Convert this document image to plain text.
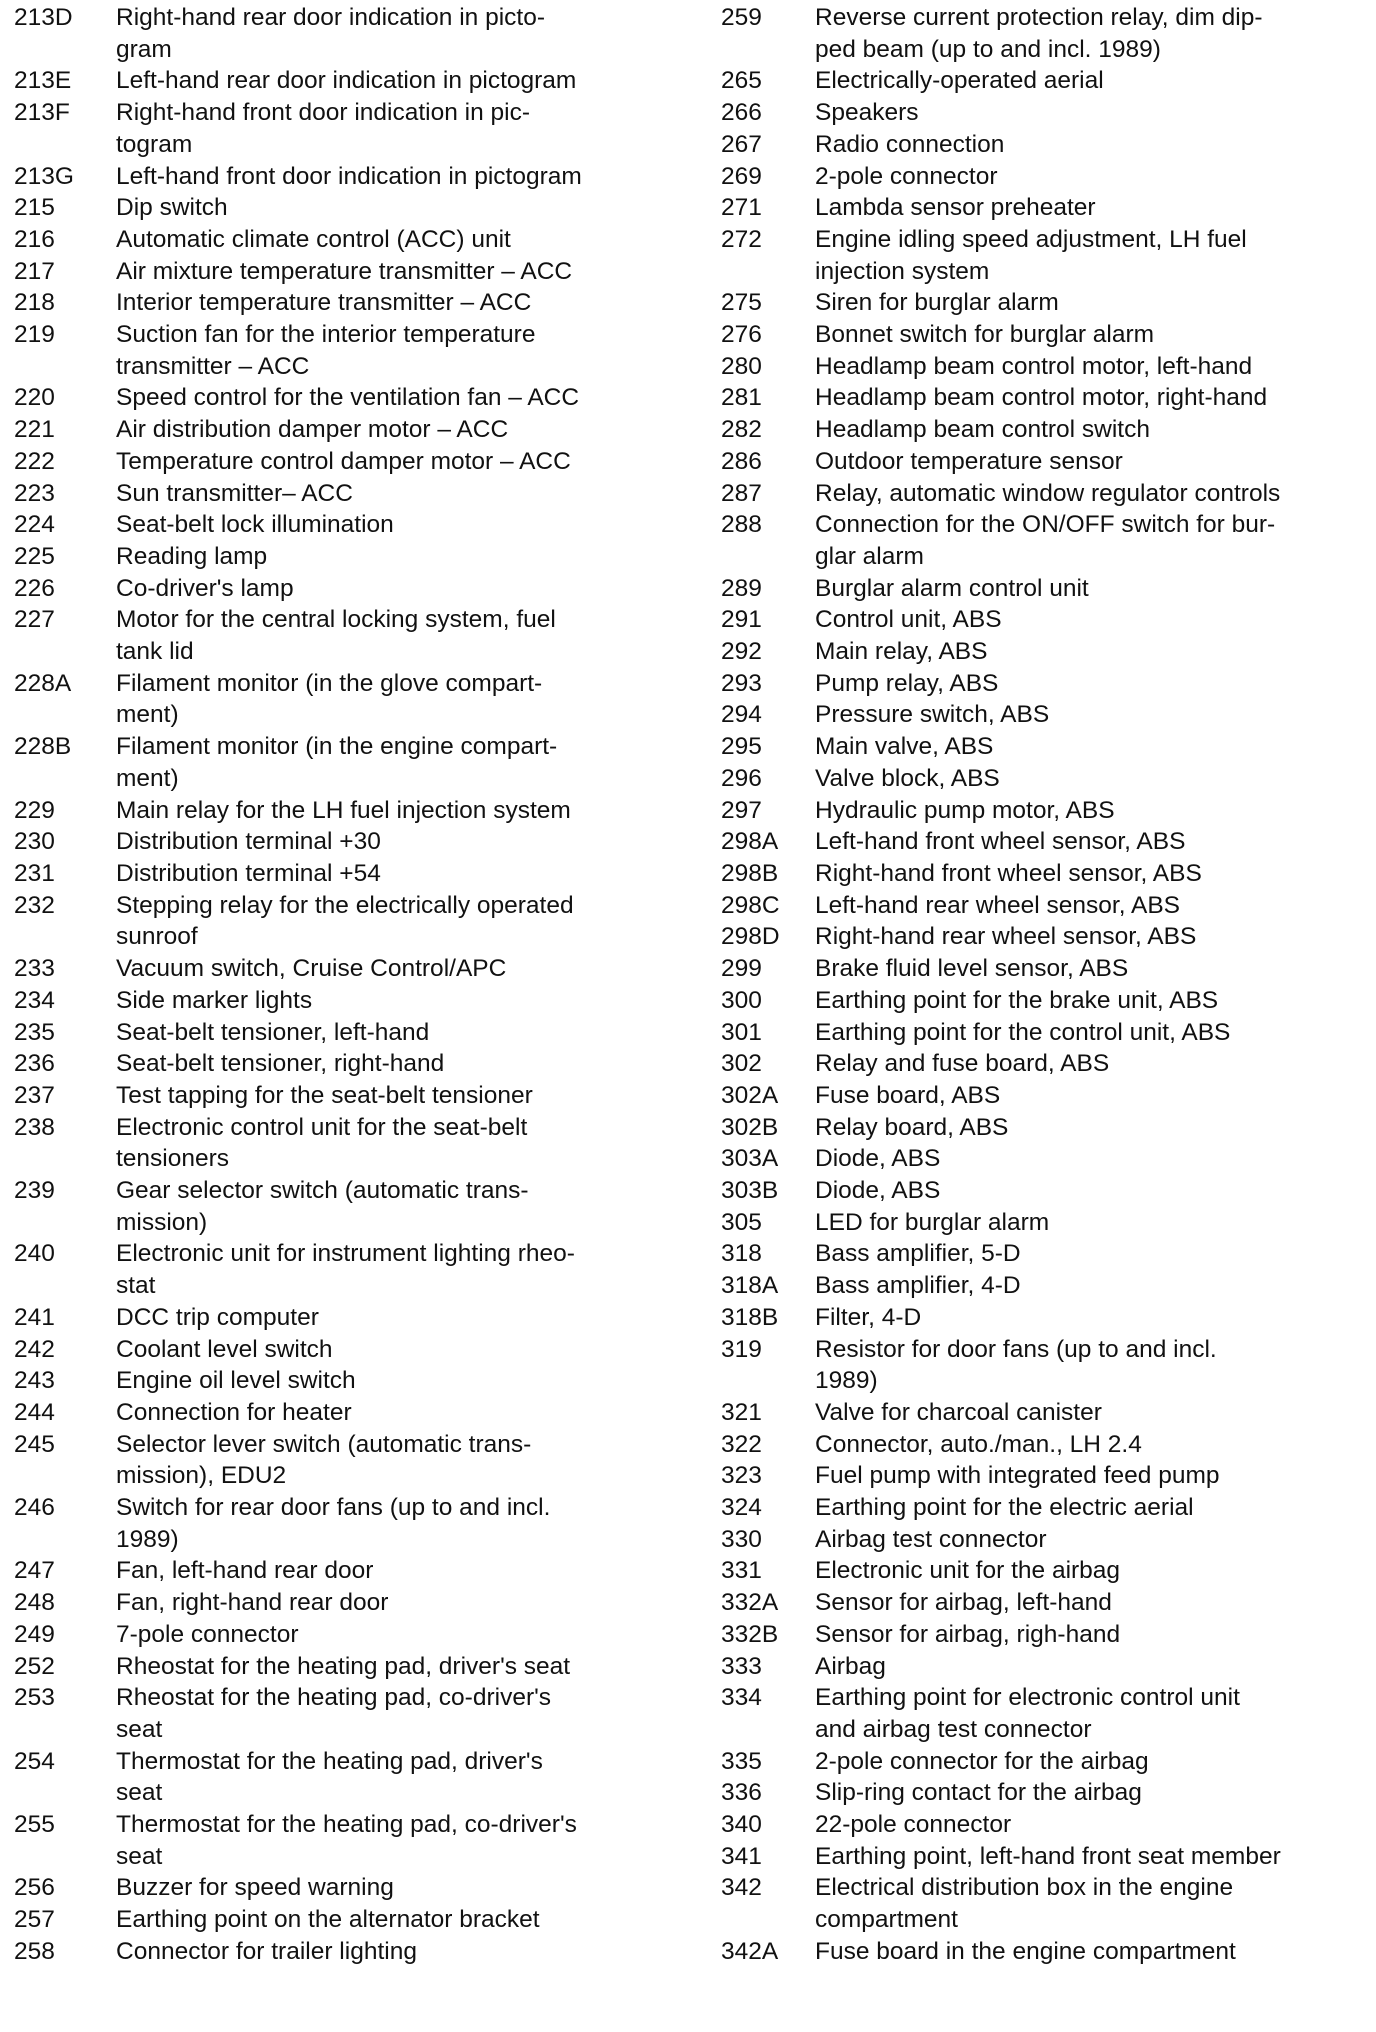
213D	Right-hand rear door indication in picto-
gram
213E	Left-hand rear door indication in pictogram
213F	Right-hand front door indication in pic-
togram
213G	Left-hand front door indication in pictogram
215	Dip switch
216	Automatic climate control (ACC) unit
217	Air mixture temperature transmitter – ACC
218	Interior temperature transmitter – ACC
219	Suction fan for the interior temperature
transmitter – ACC
220	Speed control for the ventilation fan – ACC
221	Air distribution damper motor – ACC
222	Temperature control damper motor – ACC
223	Sun transmitter– ACC
224	Seat-belt lock illumination
225	Reading lamp
226	Co-driver's lamp
227	Motor for the central locking system, fuel
tank lid
228A	Filament monitor (in the glove compart-
ment)
228B	Filament monitor (in the engine compart-
ment)
229	Main relay for the LH fuel injection system
230	Distribution terminal +30
231	Distribution terminal +54
232	Stepping relay for the electrically operated
sunroof
233	Vacuum switch, Cruise Control/APC
234	Side marker lights
235	Seat-belt tensioner, left-hand
236	Seat-belt tensioner, right-hand
237	Test tapping for the seat-belt tensioner
238	Electronic control unit for the seat-belt
tensioners
239	Gear selector switch (automatic trans-
mission)
240	Electronic unit for instrument lighting rheo-
stat
241	DCC trip computer
242	Coolant level switch
243	Engine oil level switch
244	Connection for heater
245	Selector lever switch (automatic trans-
mission), EDU2
246	Switch for rear door fans (up to and incl.
1989)
247	Fan, left-hand rear door
248	Fan, right-hand rear door
249	7-pole connector
252	Rheostat for the heating pad, driver's seat
253	Rheostat for the heating pad, co-driver's
seat
254	Thermostat for the heating pad, driver's
seat
255	Thermostat for the heating pad, co-driver's
seat
256	Buzzer for speed warning
257	Earthing point on the alternator bracket
258	Connector for trailer lighting
259	Reverse current protection relay, dim dip-
ped beam (up to and incl. 1989)
265	Electrically-operated aerial
266	Speakers
267	Radio connection
269	2-pole connector
271	Lambda sensor preheater
272	Engine idling speed adjustment, LH fuel
injection system
275	Siren for burglar alarm
276	Bonnet switch for burglar alarm
280	Headlamp beam control motor, left-hand
281	Headlamp beam control motor, right-hand
282	Headlamp beam control switch
286	Outdoor temperature sensor
287	Relay, automatic window regulator controls
288	Connection for the ON/OFF switch for bur-
glar alarm
289	Burglar alarm control unit
291	Control unit, ABS
292	Main relay, ABS
293	Pump relay, ABS
294	Pressure switch, ABS
295	Main valve, ABS
296	Valve block, ABS
297	Hydraulic pump motor, ABS
298A	Left-hand front wheel sensor, ABS
298B	Right-hand front wheel sensor, ABS
298C	Left-hand rear wheel sensor, ABS
298D	Right-hand rear wheel sensor, ABS
299	Brake fluid level sensor, ABS
300	Earthing point for the brake unit, ABS
301	Earthing point for the control unit, ABS
302	Relay and fuse board, ABS
302A	Fuse board, ABS
302B	Relay board, ABS
303A	Diode, ABS
303B	Diode, ABS
305	LED for burglar alarm
318	Bass amplifier, 5-D
318A	Bass amplifier, 4-D
318B	Filter, 4-D
319	Resistor for door fans (up to and incl.
1989)
321	Valve for charcoal canister
322	Connector, auto./man., LH 2.4
323	Fuel pump with integrated feed pump
324	Earthing point for the electric aerial
330	Airbag test connector
331	Electronic unit for the airbag
332A	Sensor for airbag, left-hand
332B	Sensor for airbag, righ-hand
333	Airbag
334	Earthing point for electronic control unit
and airbag test connector
335	2-pole connector for the airbag
336	Slip-ring contact for the airbag
340	22-pole connector
341	Earthing point, left-hand front seat member
342	Electrical distribution box in the engine
compartment
342A	Fuse board in the engine compartment
